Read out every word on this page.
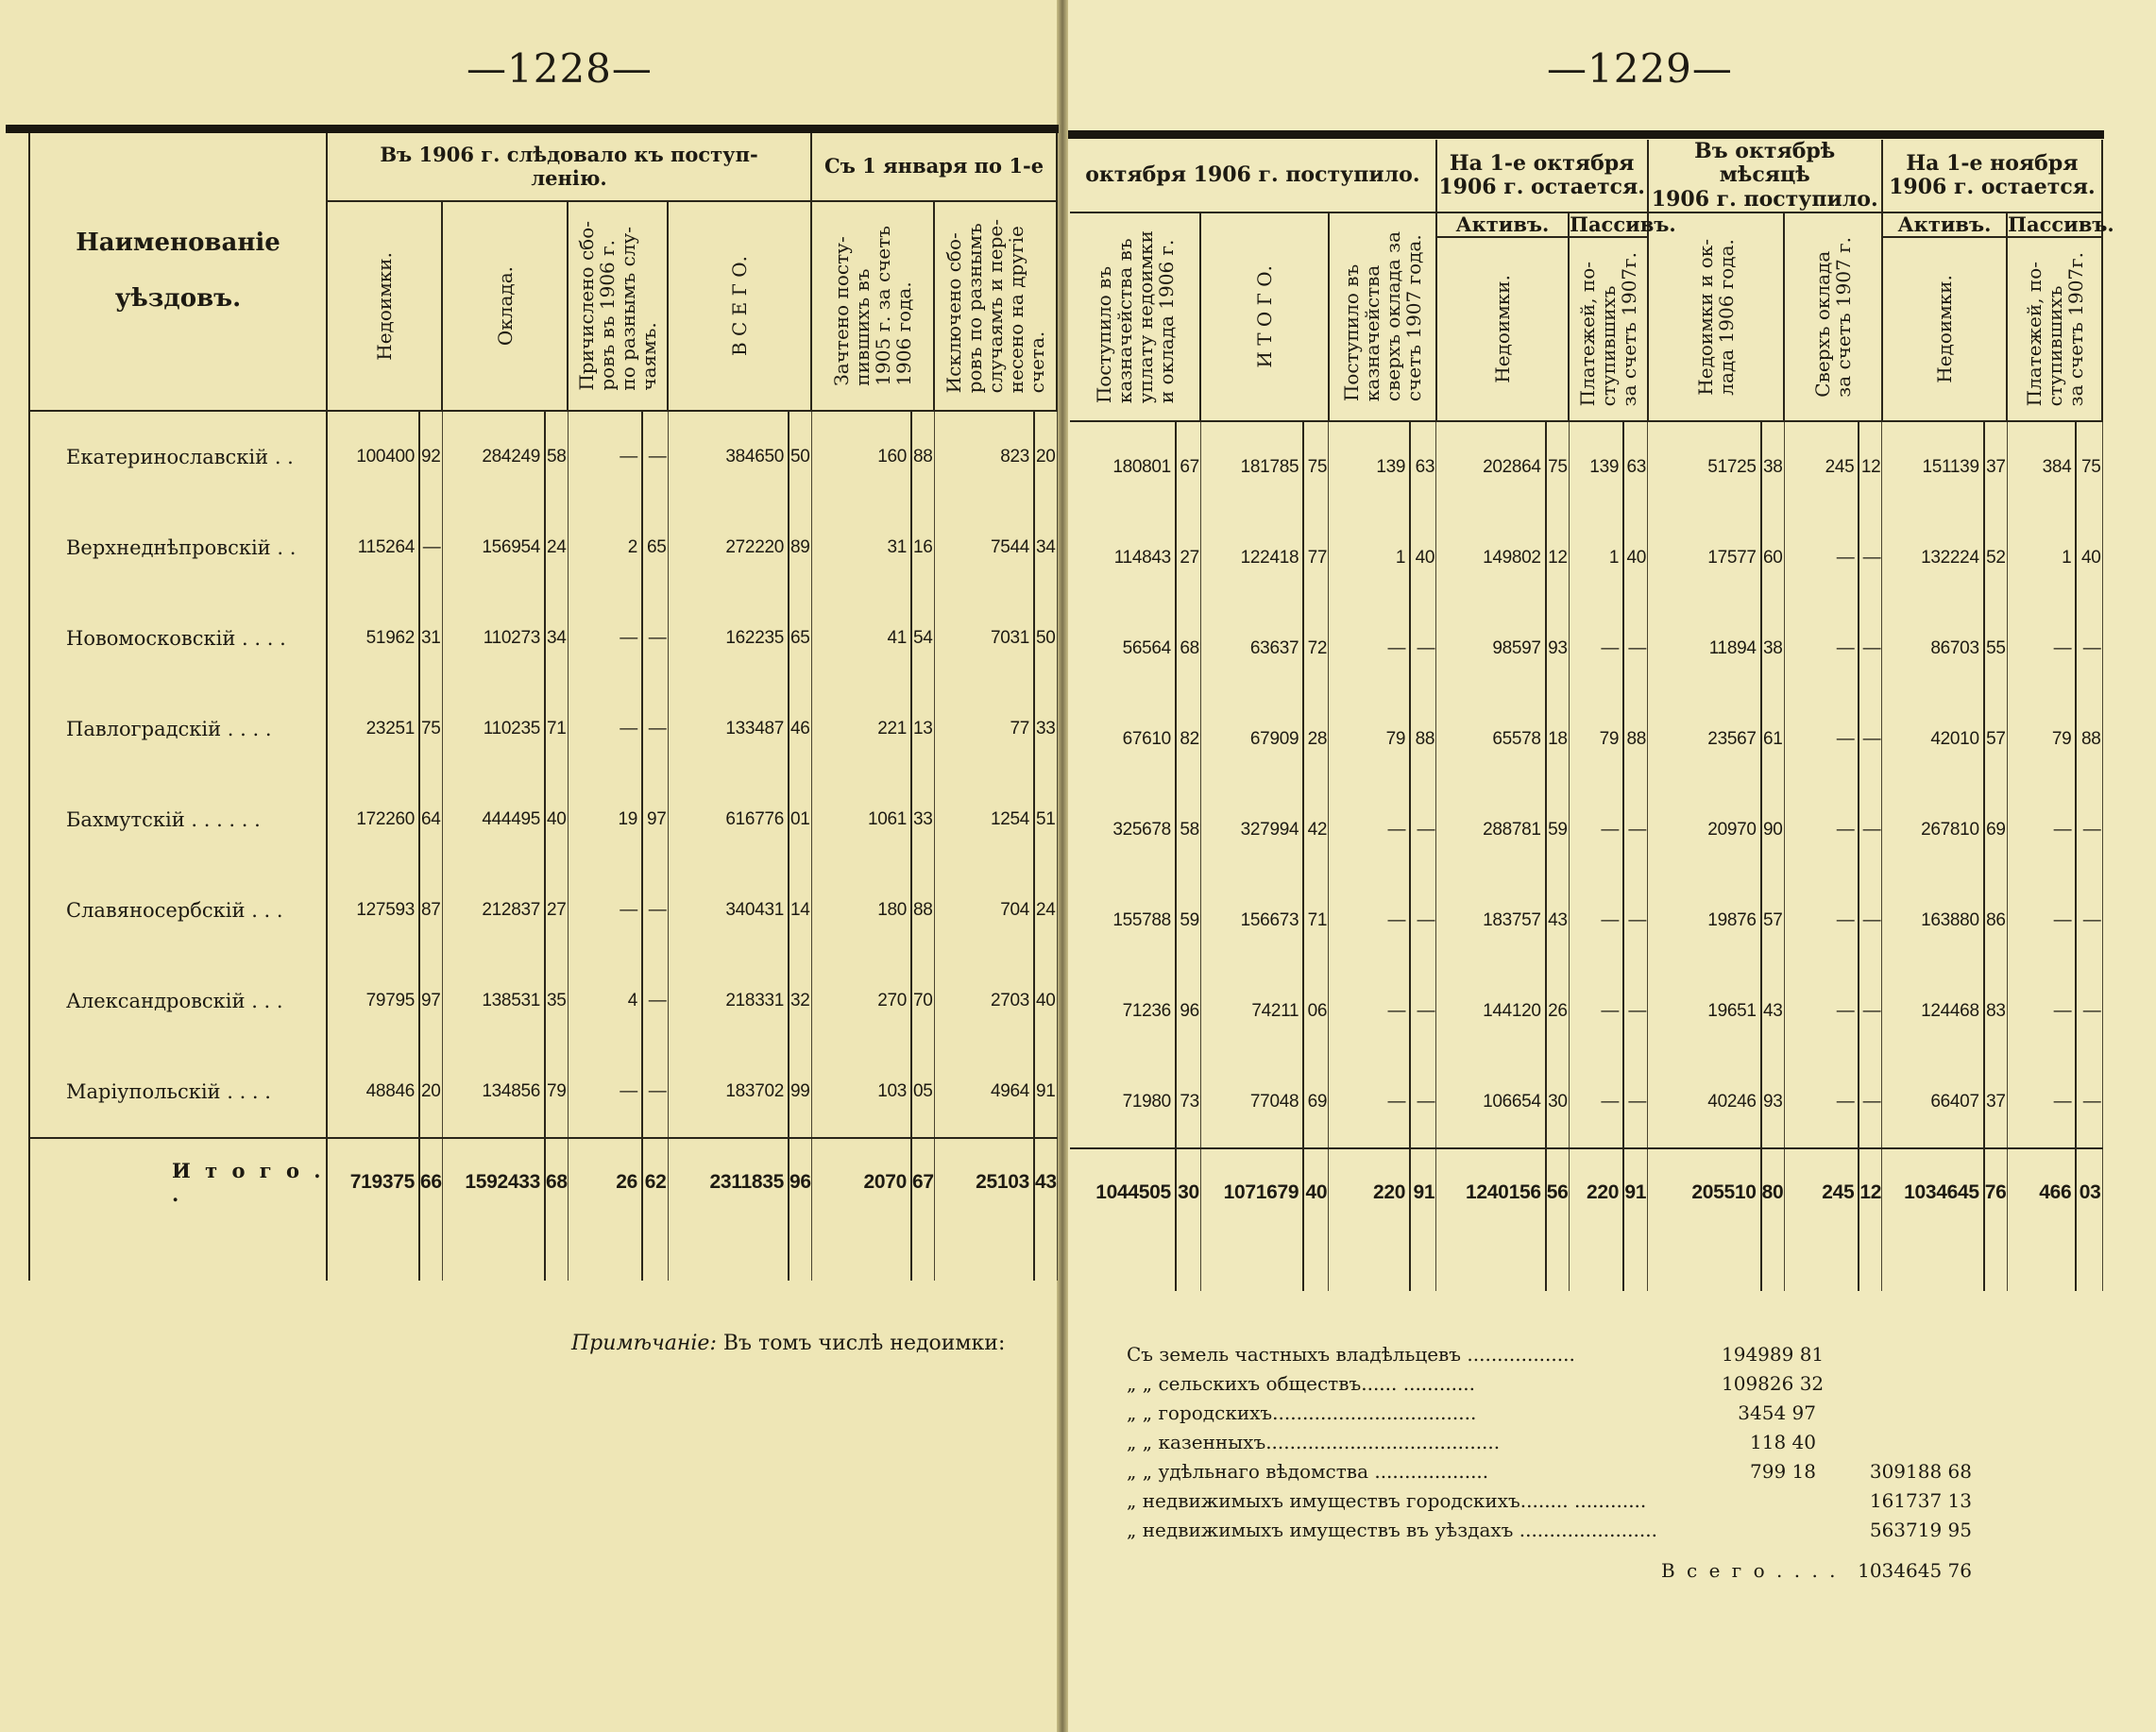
—1228—	—1229—
Наименованіе

уѣздовъ.	Въ 1906 г. слѣдовало къ поступ-
ленію.								Съ 1 января по 1-е			

	Недоимки.		Оклада.		Причислено сбо-
ровъ въ 1906 г.
по разнымъ слу-
чаямъ.		В С Е Г О.		Зачтено посту-
пившихъ въ
1905 г. за счетъ
1906 года.		Исключено сбо-
ровъ по разнымъ
случаямъ и пере-
несено на другіе
счета.	

Екатеринославскій . .	100400	92	284249	58	—	—	384650	50	160	88	823	20
Верхнеднѣпровскій . .	115264	—	156954	24	2	65	272220	89	31	16	7544	34
Новомосковскій . . . .	51962	31	110273	34	—	—	162235	65	41	54	7031	50
Павлоградскій . . . .	23251	75	110235	71	—	—	133487	46	221	13	77	33
Бахмутскій . . . . . .	172260	64	444495	40	19	97	616776	01	1061	33	1254	51
Славяносербскій . . .	127593	87	212837	27	—	—	340431	14	180	88	704	24
Александровскій . . .	79795	97	138531	35	4	—	218331	32	270	70	2703	40
Маріупольскій . . . .	48846	20	134856	79	—	—	183702	99	103	05	4964	91
И т о г о . .	719375	66	1592433	68	26	62	2311835	96	2070	67	25103	43

	октября 1906 г. поступило.						На 1-е октября
1906 г. остается.				Въ октябрѣ мѣсяцѣ
1906 г. поступило.				На 1-е ноября
1906 г. остается.			

	Поступило въ
казначейства въ
уплату недоимки
и оклада 1906 г.		И Т О Г О.		Поступило въ
казначейства
сверхъ оклада за
счетъ 1907 года.		Активъ.		Пассивъ.		Недоимки и ок-
лада 1906 года.		Сверхъ оклада
за счетъ 1907 г.		Активъ.		Пассивъ.	

						Недоимки.		Платежей, по-
ступившихъ
за счетъ 1907г.						Недоимки.		Платежей, по-
ступившихъ
за счетъ 1907г.	

	180801	67	181785	75	139	63	202864	75	139	63	51725	38	245	12	151139	37	384	75
	114843	27	122418	77	1	40	149802	12	1	40	17577	60	—	—	132224	52	1	40
	56564	68	63637	72	—	—	98597	93	—	—	11894	38	—	—	86703	55	—	—
	67610	82	67909	28	79	88	65578	18	79	88	23567	61	—	—	42010	57	79	88
	325678	58	327994	42	—	—	288781	59	—	—	20970	90	—	—	267810	69	—	—
	155788	59	156673	71	—	—	183757	43	—	—	19876	57	—	—	163880	86	—	—
	71236	96	74211	06	—	—	144120	26	—	—	19651	43	—	—	124468	83	—	—
	71980	73	77048	69	—	—	106654	30	—	—	40246	93	—	—	66407	37	—	—
	1044505	30	1071679	40	220	91	1240156	56	220	91	205510	80	245	12	1034645	76	466	03

Примѣчаніе: Въ томъ числѣ недоимки:	Съ земель частныхъ владѣльцевъ ..................	194989 81
„ „ сельскихъ обществъ...... ............	109826 32
„ „ городскихъ..................................	3454 97
„ „ казенныхъ.......................................	118 40
„ „ удѣльнаго вѣдомства ...................	799 18	309188 68
„ недвижимыхъ имуществъ городскихъ........ ............	161737 13
„ недвижимыхъ имуществъ въ уѣздахъ .......................	563719 95
В с е г о . . . . 1034645 76
